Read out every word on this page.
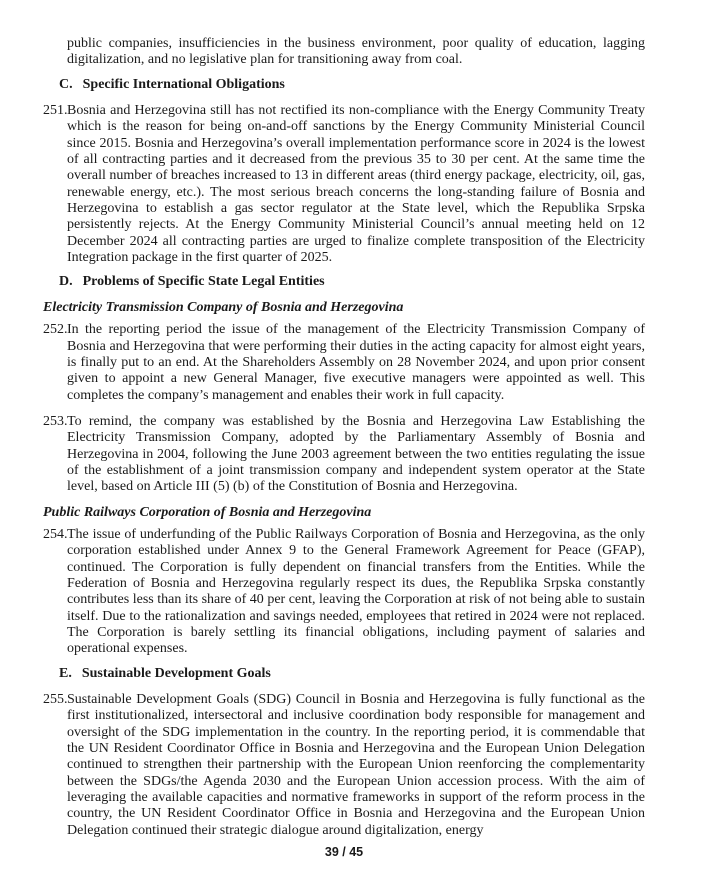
public companies, insufficiencies in the business environment, poor quality of education, lagging digitalization, and no legislative plan for transitioning away from coal.

C. Specific International Obligations

251. Bosnia and Herzegovina still has not rectified its non-compliance with the Energy Community Treaty which is the reason for being on-and-off sanctions by the Energy Community Ministerial Council since 2015. Bosnia and Herzegovina’s overall implementation performance score in 2024 is the lowest of all contracting parties and it decreased from the previous 35 to 30 per cent. At the same time the overall number of breaches increased to 13 in different areas (third energy package, electricity, oil, gas, renewable energy, etc.). The most serious breach concerns the long-standing failure of Bosnia and Herzegovina to establish a gas sector regulator at the State level, which the Republika Srpska persistently rejects. At the Energy Community Ministerial Council’s annual meeting held on 12 December 2024 all contracting parties are urged to finalize complete transposition of the Electricity Integration package in the first quarter of 2025.

D. Problems of Specific State Legal Entities

Electricity Transmission Company of Bosnia and Herzegovina

252. In the reporting period the issue of the management of the Electricity Transmission Company of Bosnia and Herzegovina that were performing their duties in the acting capacity for almost eight years, is finally put to an end. At the Shareholders Assembly on 28 November 2024, and upon prior consent given to appoint a new General Manager, five executive managers were appointed as well. This completes the company’s management and enables their work in full capacity.
253. To remind, the company was established by the Bosnia and Herzegovina Law Establishing the Electricity Transmission Company, adopted by the Parliamentary Assembly of Bosnia and Herzegovina in 2004, following the June 2003 agreement between the two entities regulating the issue of the establishment of a joint transmission company and independent system operator at the State level, based on Article III (5) (b) of the Constitution of Bosnia and Herzegovina.

Public Railways Corporation of Bosnia and Herzegovina

254. The issue of underfunding of the Public Railways Corporation of Bosnia and Herzegovina, as the only corporation established under Annex 9 to the General Framework Agreement for Peace (GFAP), continued. The Corporation is fully dependent on financial transfers from the Entities. While the Federation of Bosnia and Herzegovina regularly respect its dues, the Republika Srpska constantly contributes less than its share of 40 per cent, leaving the Corporation at risk of not being able to sustain itself. Due to the rationalization and savings needed, employees that retired in 2024 were not replaced. The Corporation is barely settling its financial obligations, including payment of salaries and operational expenses.

E. Sustainable Development Goals

255. Sustainable Development Goals (SDG) Council in Bosnia and Herzegovina is fully functional as the first institutionalized, intersectoral and inclusive coordination body responsible for management and oversight of the SDG implementation in the country. In the reporting period, it is commendable that the UN Resident Coordinator Office in Bosnia and Herzegovina and the European Union Delegation continued to strengthen their partnership with the European Union reenforcing the complementarity between the SDGs/the Agenda 2030 and the European Union accession process. With the aim of leveraging the available capacities and normative frameworks in support of the reform process in the country, the UN Resident Coordinator Office in Bosnia and Herzegovina and the European Union Delegation continued their strategic dialogue around digitalization, energy
39 / 45
